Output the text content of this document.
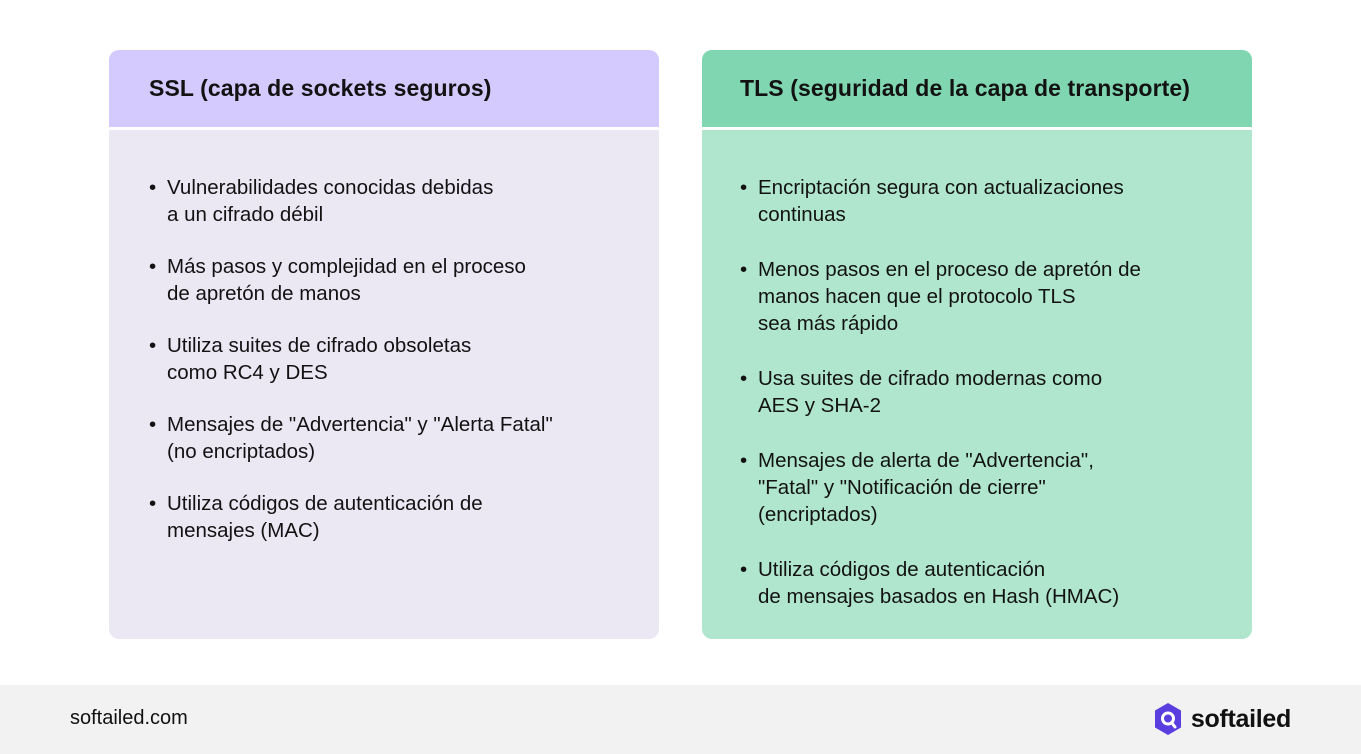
SSL (capa de sockets seguros)
• Vulnerabilidades conocidas debidas
a un cifrado débil
• Más pasos y complejidad en el proceso
de apretón de manos
• Utiliza suites de cifrado obsoletas
como RC4 y DES
• Mensajes de "Advertencia" y "Alerta Fatal"
(no encriptados)
• Utiliza códigos de autenticación de
mensajes (MAC)
TLS (seguridad de la capa de transporte)
• Encriptación segura con actualizaciones
continuas
• Menos pasos en el proceso de apretón de
manos hacen que el protocolo TLS
sea más rápido
• Usa suites de cifrado modernas como
AES y SHA-2
• Mensajes de alerta de "Advertencia",
"Fatal" y "Notificación de cierre"
(encriptados)
• Utiliza códigos de autenticación
de mensajes basados en Hash (HMAC)
softailed.com	softailed
